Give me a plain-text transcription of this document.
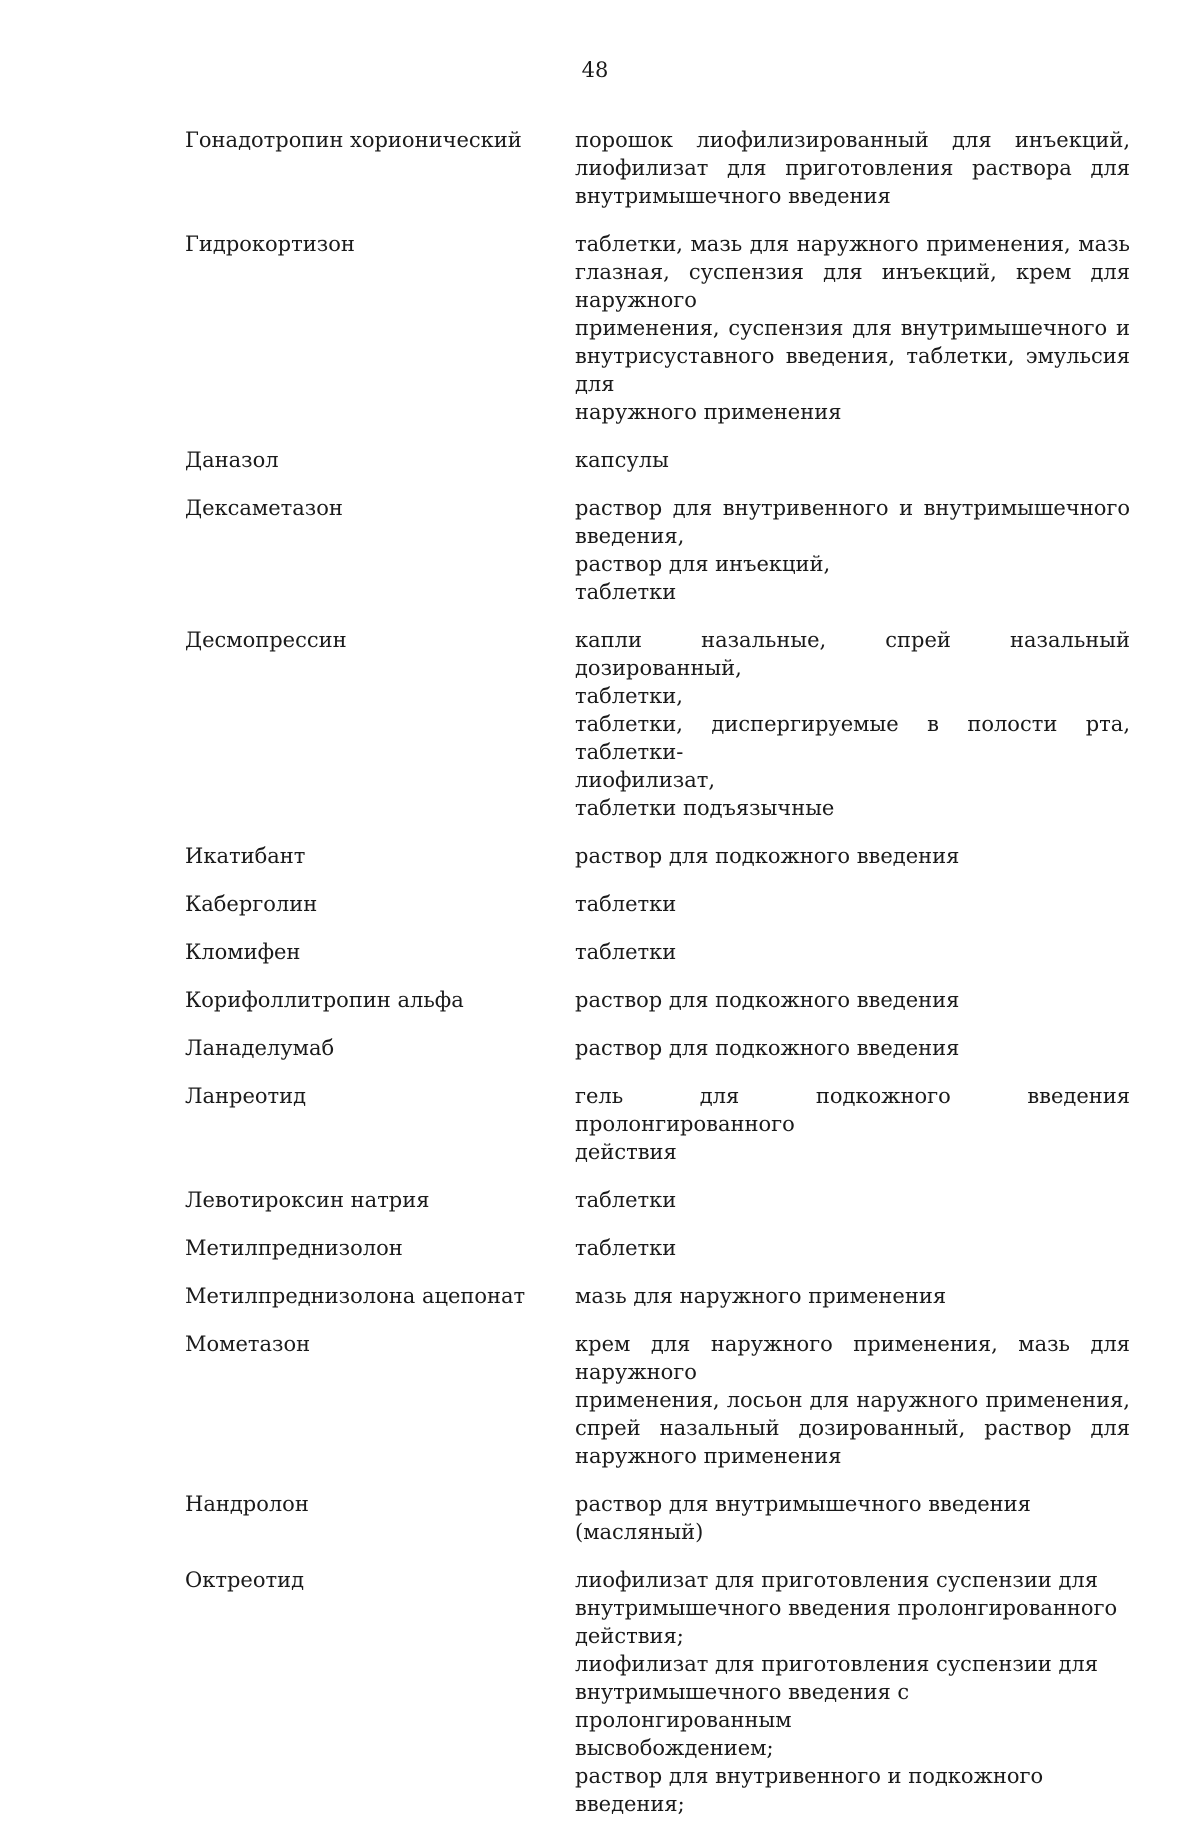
48
Гонадотропин хорионический	порошок лиофилизированный для инъекций,
лиофилизат для приготовления раствора для
внутримышечного введения
Гидрокортизон	таблетки, мазь для наружного применения, мазь
глазная, суспензия для инъекций, крем для наружного
применения, суспензия для внутримышечного и
внутрисуставного введения, таблетки, эмульсия для
наружного применения
Даназол	капсулы
Дексаметазон	раствор для внутривенного и внутримышечного
введения,
раствор для инъекций,
таблетки
Десмопрессин	капли назальные, спрей назальный дозированный,
таблетки,
таблетки, диспергируемые в полости рта, таблетки-
лиофилизат,
таблетки подъязычные
Икатибант	раствор для подкожного введения
Каберголин	таблетки
Кломифен	таблетки
Корифоллитропин альфа	раствор для подкожного введения
Ланаделумаб	раствор для подкожного введения
Ланреотид	гель для подкожного введения пролонгированного
действия
Левотироксин натрия	таблетки
Метилпреднизолон	таблетки
Метилпреднизолона ацепонат	мазь для наружного применения
Мометазон	крем для наружного применения, мазь для наружного
применения, лосьон для наружного применения,
спрей назальный дозированный, раствор для
наружного применения
Нандролон	раствор для внутримышечного введения (масляный)
Октреотид	лиофилизат для приготовления суспензии для
внутримышечного введения пролонгированного
действия;
лиофилизат для приготовления суспензии для
внутримышечного введения с пролонгированным
высвобождением;
раствор для внутривенного и подкожного введения;
